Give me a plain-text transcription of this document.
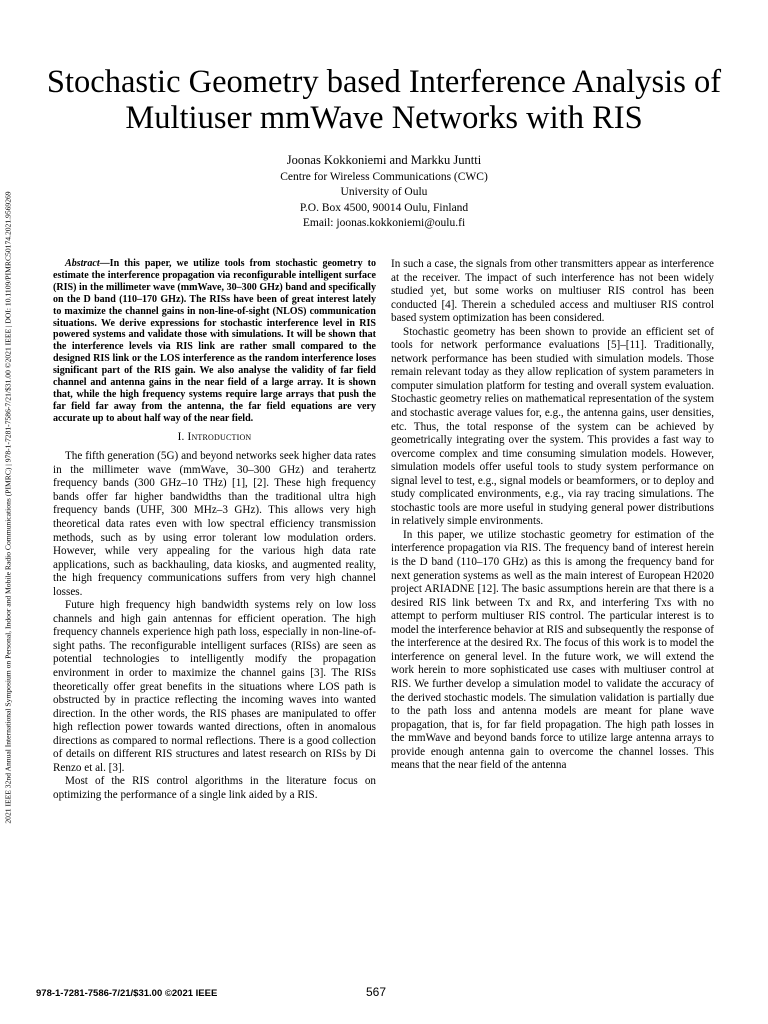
2021 IEEE 32nd Annual International Symposium on Personal, Indoor and Mobile Radio Communications (PIMRC) | 978-1-7281-7586-7/21/$31.00 ©2021 IEEE | DOI: 10.1109/PIMRC50174.2021.9569269
Stochastic Geometry based Interference Analysis of
Multiuser mmWave Networks with RIS
Joonas Kokkoniemi and Markku Juntti
Centre for Wireless Communications (CWC)
University of Oulu
P.O. Box 4500, 90014 Oulu, Finland
Email: joonas.kokkoniemi@oulu.fi

Abstract—In this paper, we utilize tools from stochastic geometry to estimate the interference propagation via reconfigurable intelligent surface (RIS) in the millimeter wave (mmWave, 30–300 GHz) band and specifically on the D band (110–170 GHz). The RISs have been of great interest lately to maximize the channel gains in non-line-of-sight (NLOS) communication situations. We derive expressions for stochastic interference level in RIS powered systems and validate those with simulations. It will be shown that the interference levels via RIS link are rather small compared to the designed RIS link or the LOS interference as the random interference loses significant part of the RIS gain. We also analyse the validity of far field channel and antenna gains in the near field of a large array. It is shown that, while the high frequency systems require large arrays that push the far field far away from the antenna, the far field equations are very accurate up to about half way of the near field.

I. Introduction

The fifth generation (5G) and beyond networks seek higher data rates in the millimeter wave (mmWave, 30–300 GHz) and terahertz frequency bands (300 GHz–10 THz) [1], [2]. These high frequency bands offer far higher bandwidths than the traditional ultra high frequency bands (UHF, 300 MHz–3 GHz). This allows very high theoretical data rates even with low spectral efficiency transmission methods, such as by using error tolerant low modulation orders. However, while very appealing for the various high data rate applications, such as backhauling, data kiosks, and augmented reality, the high frequency communications suffers from very high channel losses.

Future high frequency high bandwidth systems rely on low loss channels and high gain antennas for efficient operation. The high frequency channels experience high path loss, especially in non-line-of-sight paths. The reconfigurable intelligent surfaces (RISs) are seen as potential technologies to intelligently modify the propagation environment in order to maximize the channel gains [3]. The RISs theoretically offer great benefits in the situations where LOS path is obstructed by in practice reflecting the incoming waves into wanted direction. In the other words, the RIS phases are manipulated to offer high reflection power towards wanted directions, often in anomalous directions as compared to normal reflections. There is a good collection of details on different RIS structures and latest research on RISs by Di Renzo et al. [3].

Most of the RIS control algorithms in the literature focus on optimizing the performance of a single link aided by a RIS.

In such a case, the signals from other transmitters appear as interference at the receiver. The impact of such interference has not been widely studied yet, but some works on multiuser RIS control has been conducted [4]. Therein a scheduled access and multiuser RIS control based system optimization has been considered.

Stochastic geometry has been shown to provide an efficient set of tools for network performance evaluations [5]–[11]. Traditionally, network performance has been studied with simulation models. Those remain relevant today as they allow replication of system parameters in computer simulation platform for testing and overall system evaluation. Stochastic geometry relies on mathematical representation of the system and stochastic average values for, e.g., the antenna gains, user densities, etc. Thus, the total response of the system can be achieved by geometrically integrating over the system. This provides a fast way to overcome complex and time consuming simulation models. However, simulation models offer useful tools to study system performance on signal level to test, e.g., signal models or beamformers, or to deploy and study complicated environments, e.g., via ray tracing simulations. The stochastic tools are more useful in studying general power distributions in relatively simple environments.

In this paper, we utilize stochastic geometry for estimation of the interference propagation via RIS. The frequency band of interest herein is the D band (110–170 GHz) as this is among the frequency band for next generation systems as well as the main interest of European H2020 project ARIADNE [12]. The basic assumptions herein are that there is a desired RIS link between Tx and Rx, and interfering Txs with no attempt to perform multiuser RIS control. The particular interest is to model the interference behavior at RIS and subsequently the response of the interference at the desired Rx. The focus of this work is to model the interference on general level. In the future work, we will extend the work herein to more sophisticated use cases with multiuser control at RIS. We further develop a simulation model to validate the accuracy of the derived stochastic models. The simulation validation is partially due to the path loss and antenna models are meant for plane wave propagation, that is, for far field propagation. The high path losses in the mmWave and beyond bands force to utilize large antenna arrays to provide enough antenna gain to overcome the channel losses. This means that the near field of the antenna

978-1-7281-7586-7/21/$31.00 ©2021 IEEE	567
